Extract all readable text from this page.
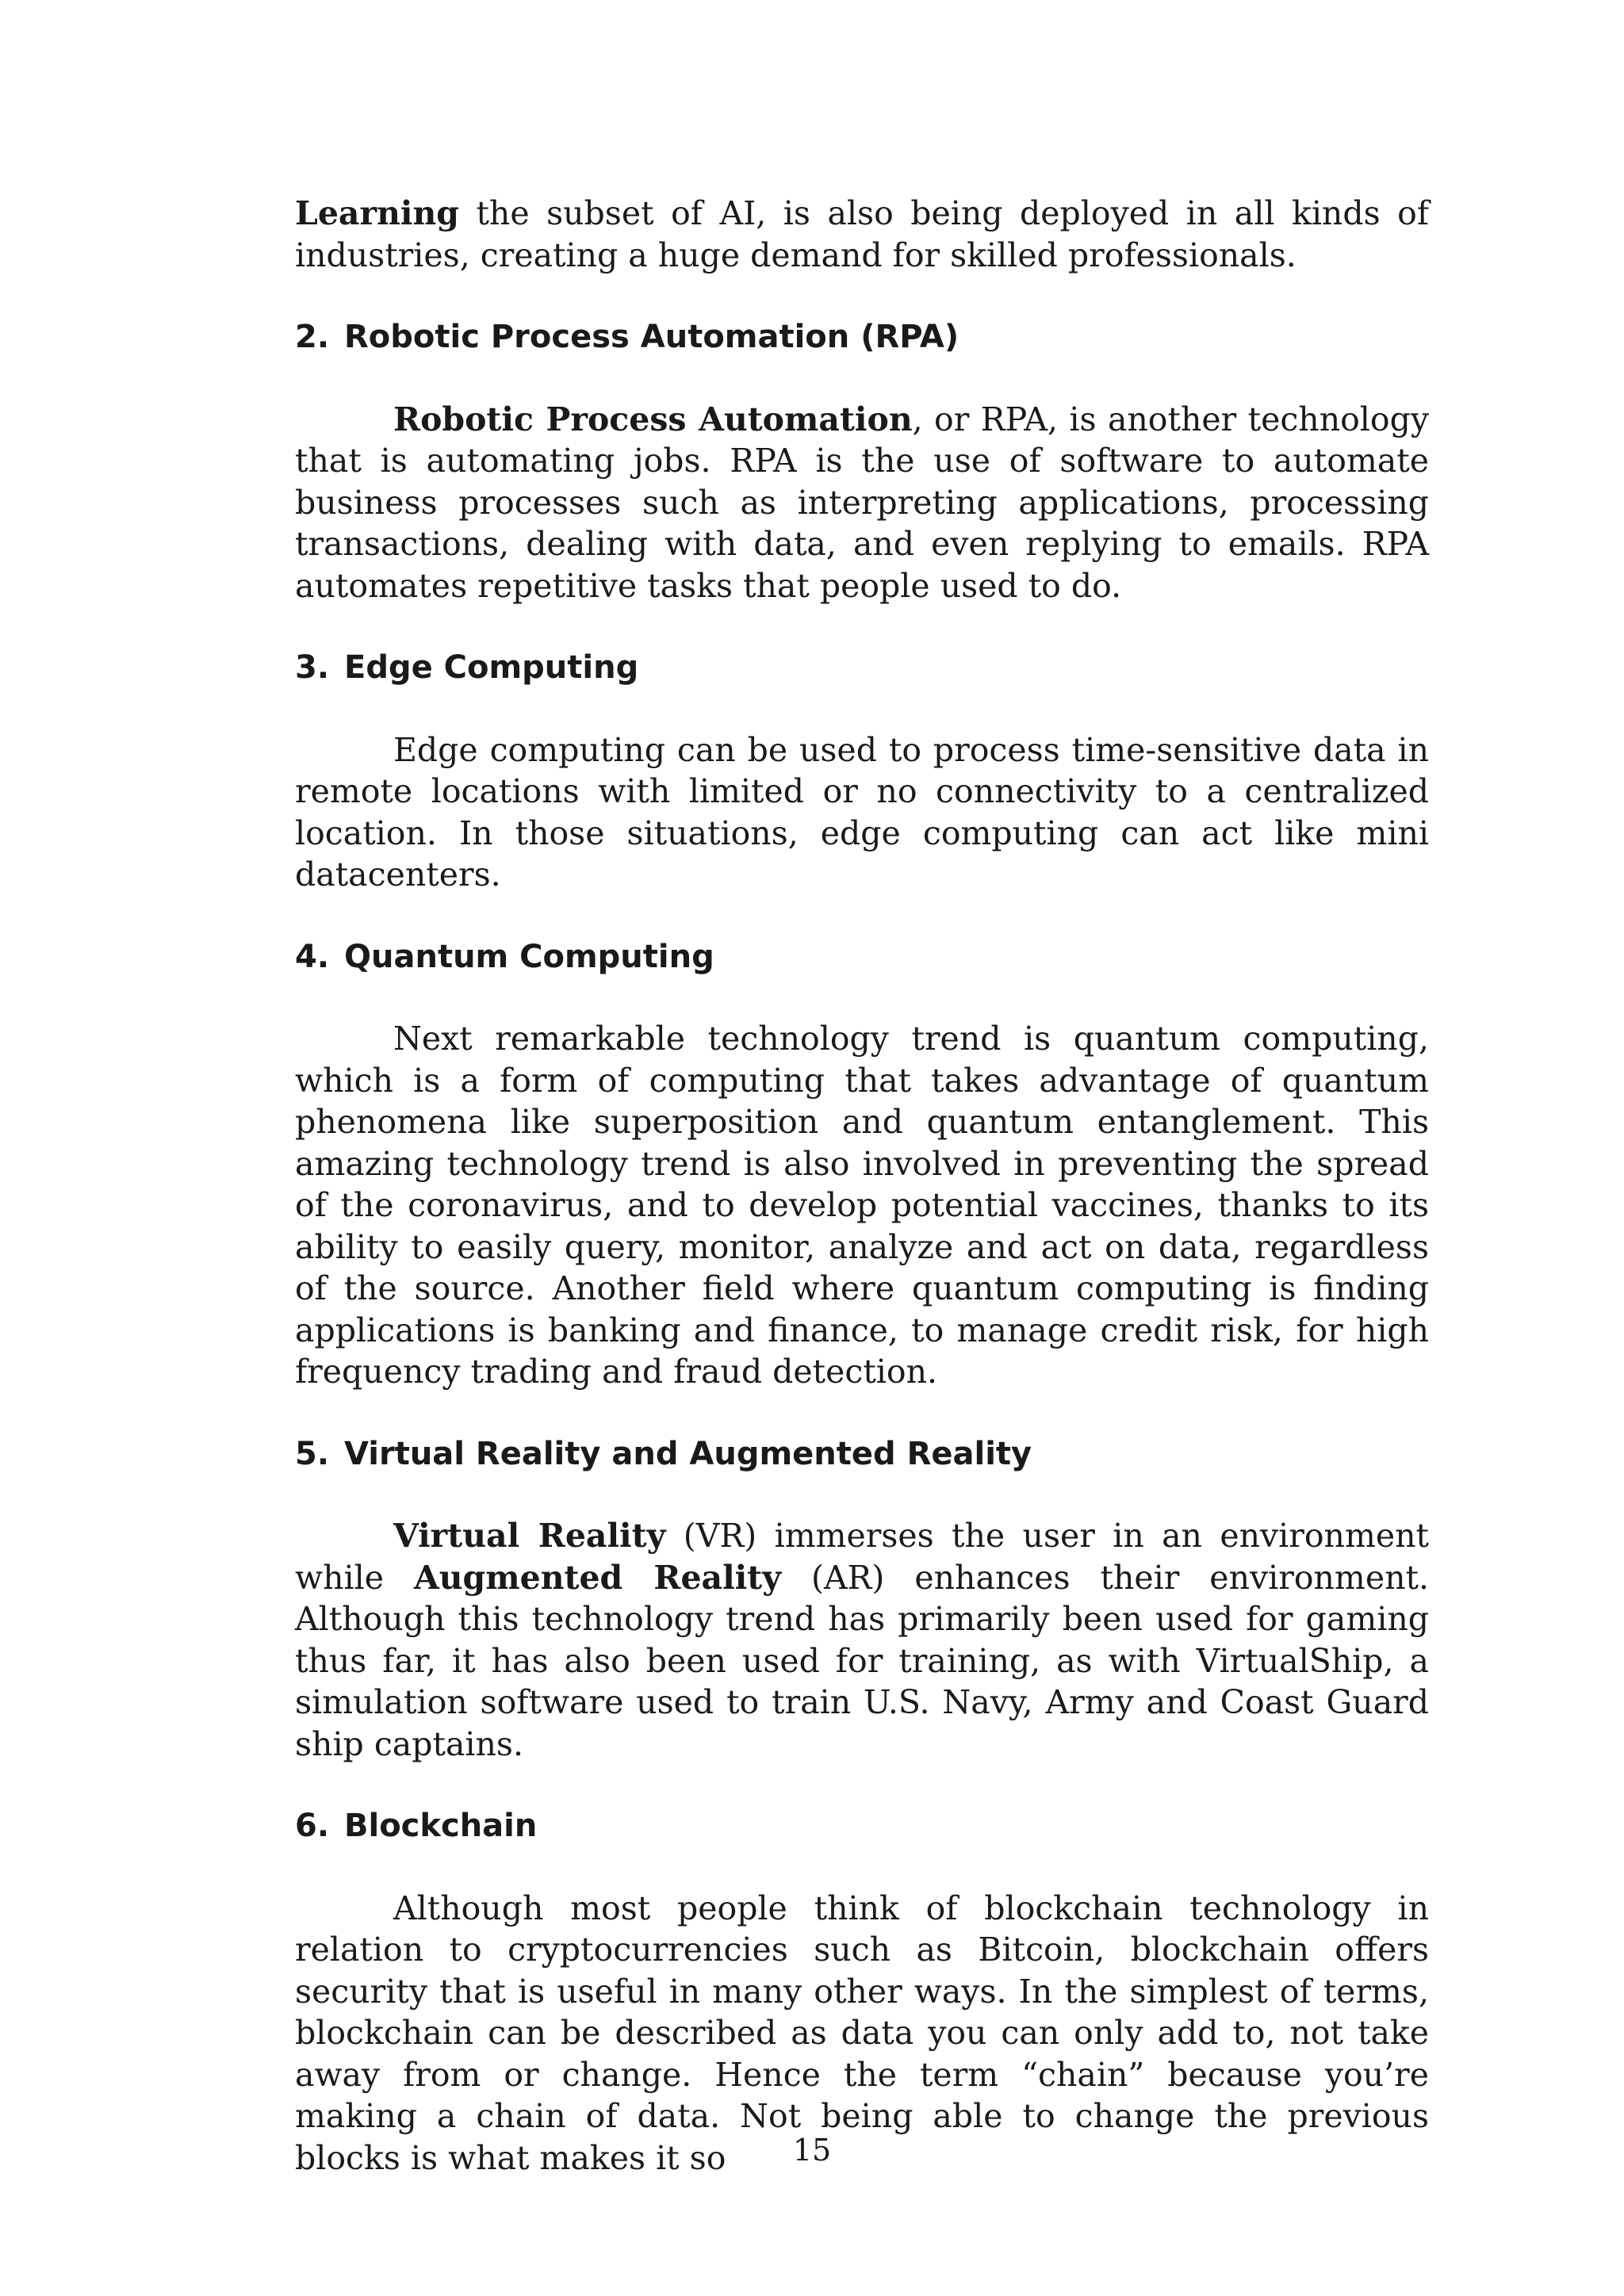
Learning the subset of AI, is also being deployed in all kinds of industries, creating a huge demand for skilled professionals.

2. Robotic Process Automation (RPA)

Robotic Process Automation, or RPA, is another technology that is automating jobs. RPA is the use of software to automate business processes such as interpreting applications, processing transactions, dealing with data, and even replying to emails. RPA automates repetitive tasks that people used to do.

3. Edge Computing

Edge computing can be used to process time-sensitive data in remote locations with limited or no connectivity to a centralized location. In those situations, edge computing can act like mini datacenters.

4. Quantum Computing

Next remarkable technology trend is quantum computing, which is a form of computing that takes advantage of quantum phenomena like superposition and quantum entanglement. This amazing technology trend is also involved in preventing the spread of the coronavirus, and to develop potential vaccines, thanks to its ability to easily query, monitor, analyze and act on data, regardless of the source. Another field where quantum computing is finding applications is banking and finance, to manage credit risk, for high frequency trading and fraud detection.

5. Virtual Reality and Augmented Reality

Virtual Reality (VR) immerses the user in an environment while Augmented Reality (AR) enhances their environment. Although this technology trend has primarily been used for gaming thus far, it has also been used for training, as with VirtualShip, a simulation software used to train U.S. Navy, Army and Coast Guard ship captains.

6. Blockchain

Although most people think of blockchain technology in relation to cryptocurrencies such as Bitcoin, blockchain offers security that is useful in many other ways. In the simplest of terms, blockchain can be described as data you can only add to, not take away from or change. Hence the term “chain” because you’re making a chain of data. Not being able to change the previous blocks is what makes it so	15
